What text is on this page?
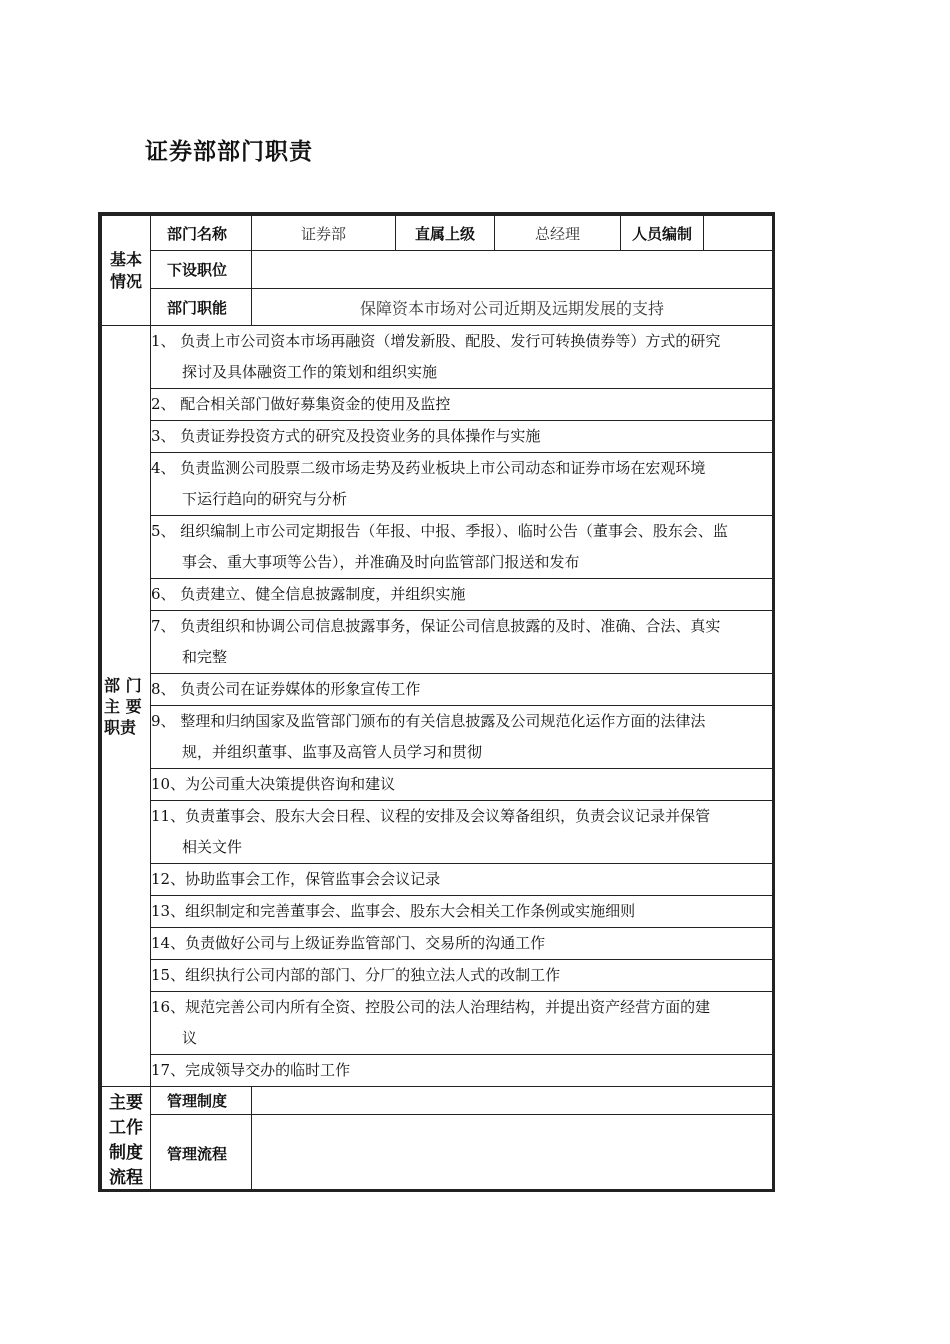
证券部部门职责
基本情况	部门名称	证券部	直属上级	总经理	人员编制	
	下设职位					
	部门职能	保障资本市场对公司近期及远期发展的支持				
部 门 主 要 职责	1、 负责上市公司资本市场再融资（增发新股、配股、发行可转换债券等）方式的研究
探讨及具体融资工作的策划和组织实施					

	2、 配合相关部门做好募集资金的使用及监控					

	3、 负责证券投资方式的研究及投资业务的具体操作与实施					

	4、 负责监测公司股票二级市场走势及药业板块上市公司动态和证券市场在宏观环境
下运行趋向的研究与分析					

	5、 组织编制上市公司定期报告（年报、中报、季报）、临时公告（董事会、股东会、监
事会、重大事项等公告），并准确及时向监管部门报送和发布					

	6、 负责建立、健全信息披露制度，并组织实施					

	7、 负责组织和协调公司信息披露事务，保证公司信息披露的及时、准确、合法、真实
和完整					

	8、 负责公司在证券媒体的形象宣传工作					

	9、 整理和归纳国家及监管部门颁布的有关信息披露及公司规范化运作方面的法律法
规，并组织董事、监事及高管人员学习和贯彻					

	10、为公司重大决策提供咨询和建议					

	11、负责董事会、股东大会日程、议程的安排及会议筹备组织，负责会议记录并保管
相关文件					

	12、协助监事会工作，保管监事会会议记录					

	13、组织制定和完善董事会、监事会、股东大会相关工作条例或实施细则					

	14、负责做好公司与上级证券监管部门、交易所的沟通工作					

	15、组织执行公司内部的部门、分厂的独立法人式的改制工作					

	16、规范完善公司内所有全资、控股公司的法人治理结构，并提出资产经营方面的建
议					

	17、完成领导交办的临时工作					

主要工作制度流程	管理制度					
	管理流程					
